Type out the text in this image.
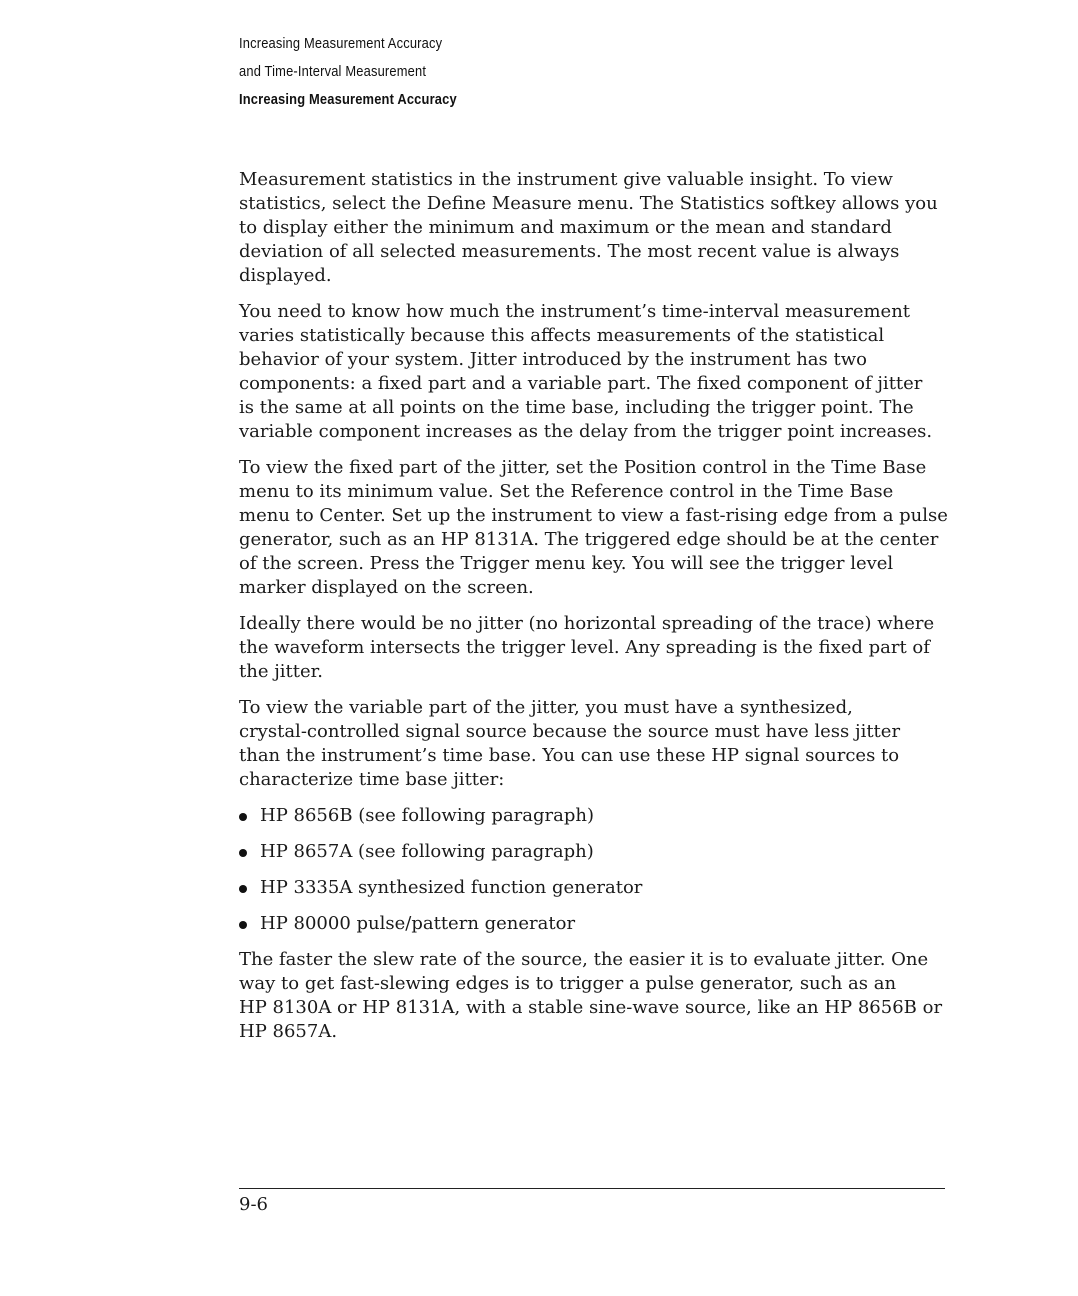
Increasing Measurement Accuracy
and Time-Interval Measurement
Increasing Measurement Accuracy

Measurement statistics in the instrument give valuable insight. To view
statistics, select the Define Measure menu. The Statistics softkey allows you
to display either the minimum and maximum or the mean and standard
deviation of all selected measurements. The most recent value is always
displayed.

You need to know how much the instrument’s time-interval measurement
varies statistically because this affects measurements of the statistical
behavior of your system. Jitter introduced by the instrument has two
components: a fixed part and a variable part. The fixed component of jitter
is the same at all points on the time base, including the trigger point. The
variable component increases as the delay from the trigger point increases.

To view the fixed part of the jitter, set the Position control in the Time Base
menu to its minimum value. Set the Reference control in the Time Base
menu to Center. Set up the instrument to view a fast-rising edge from a pulse
generator, such as an HP 8131A. The triggered edge should be at the center
of the screen. Press the Trigger menu key. You will see the trigger level
marker displayed on the screen.

Ideally there would be no jitter (no horizontal spreading of the trace) where
the waveform intersects the trigger level. Any spreading is the fixed part of
the jitter.

To view the variable part of the jitter, you must have a synthesized,
crystal-controlled signal source because the source must have less jitter
than the instrument’s time base. You can use these HP signal sources to
characterize time base jitter:

HP 8656B (see following paragraph)
HP 8657A (see following paragraph)
HP 3335A synthesized function generator
HP 80000 pulse/pattern generator

The faster the slew rate of the source, the easier it is to evaluate jitter. One
way to get fast-slewing edges is to trigger a pulse generator, such as an
HP 8130A or HP 8131A, with a stable sine-wave source, like an HP 8656B or
HP 8657A.

9-6
